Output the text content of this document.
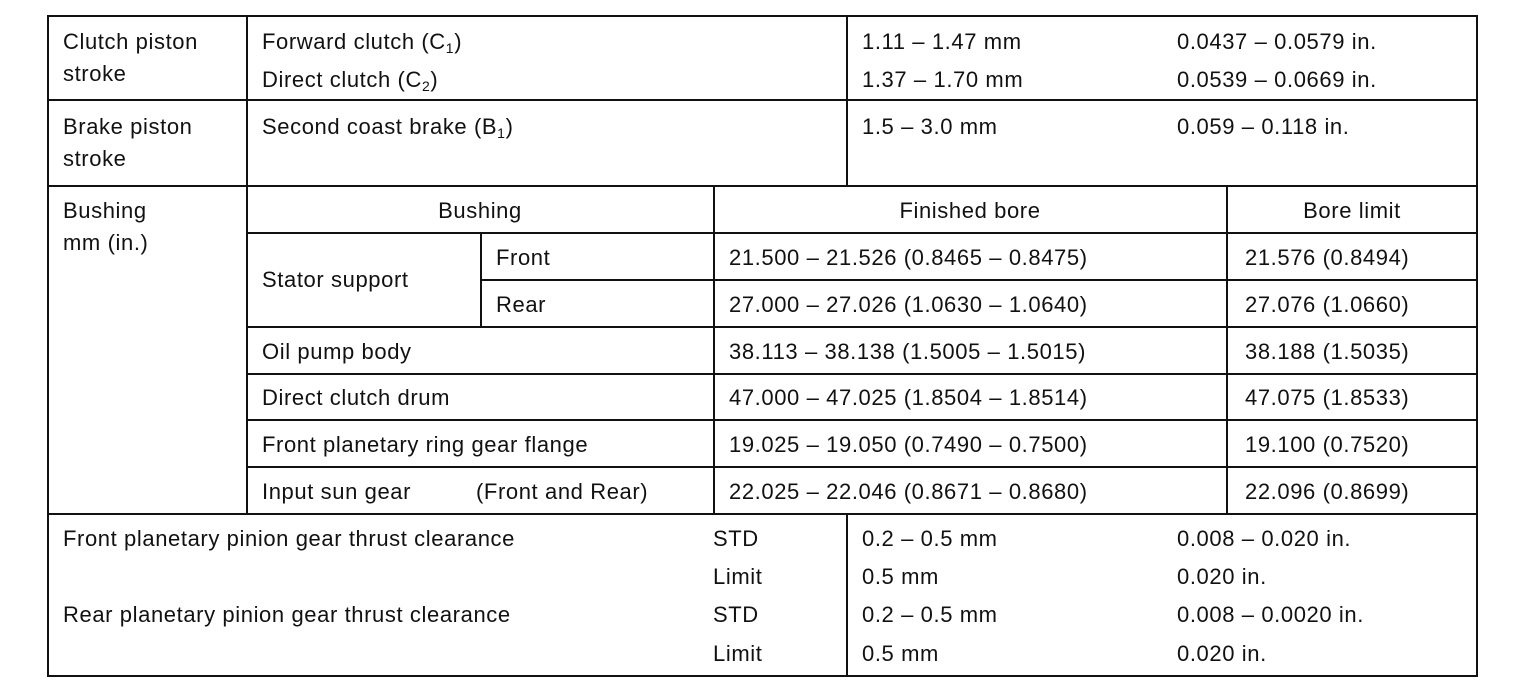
Clutch piston
stroke
Forward clutch $(C_1)$	1.11 – 1.47 mm	0.0437 – 0.0579 in.
Direct clutch $(C_2)$	1.37 – 1.70 mm	0.0539 – 0.0669 in.
Brake piston
stroke
Second coast brake $(B_1)$	1.5 – 3.0 mm	0.059 – 0.118 in.
Bushing
mm (in.)
Bushing	Finished bore	Bore limit
Stator support
Front	21.500 – 21.526 (0.8465 – 0.8475)	21.576 (0.8494)
Rear	27.000 – 27.026 (1.0630 – 1.0640)	27.076 (1.0660)
Oil pump body	38.113 – 38.138 (1.5005 – 1.5015)	38.188 (1.5035)
Direct clutch drum	47.000 – 47.025 (1.8504 – 1.8514)	47.075 (1.8533)
Front planetary ring gear flange	19.025 – 19.050 (0.7490 – 0.7500)	19.100 (0.7520)
Input sun gear	(Front and Rear)	22.025 – 22.046 (0.8671 – 0.8680)	22.096 (0.8699)
Front planetary pinion gear thrust clearance	STD	0.2 – 0.5 mm	0.008 – 0.020 in.
Limit	0.5 mm	0.020 in.
Rear planetary pinion gear thrust clearance	STD	0.2 – 0.5 mm	0.008 – 0.0020 in.
Limit	0.5 mm	0.020 in.
